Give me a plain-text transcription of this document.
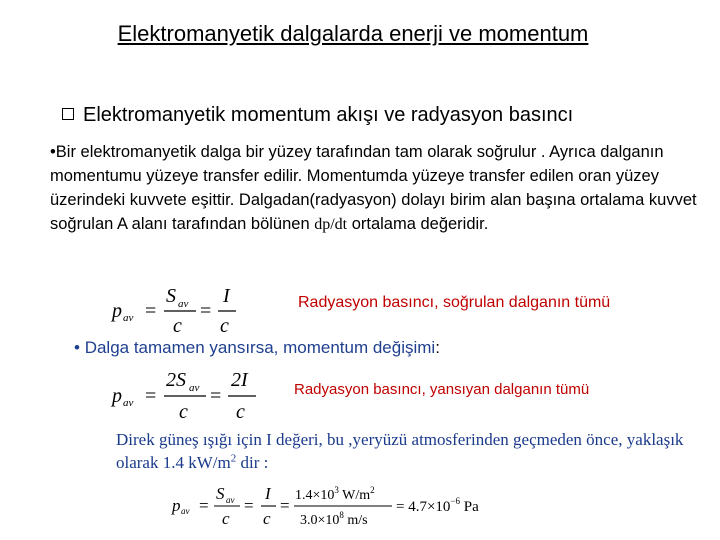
Elektromanyetik dalgalarda enerji ve momentum
Elektromanyetik momentum akışı ve radyasyon basıncı
•Bir elektromanyetik dalga bir yüzey tarafından tam olarak soğrulur . Ayrıca dalganın momentumu yüzeye transfer edilir. Momentumda yüzeye transfer edilen oran yüzey üzerindeki kuvvete eşittir. Dalgadan(radyasyon) dolayı birim alan başına ortalama kuvvet soğrulan A alanı tarafından bölünen dp/dt ortalama değeridir.
p av =
S av
c
=
I
c
Radyasyon basıncı, soğrulan dalganın tümü
• Dalga tamamen yansırsa, momentum değişimi:
p av =
2S av
c
=
2I
c
Radyasyon basıncı, yansıyan dalganın tümü
Direk güneş ışığı için I değeri, bu ,yeryüzü atmosferinden geçmeden önce, yaklaşık olarak 1.4 $kW/m^2$ dir :
p av =
S av
c
=
I
c
=
$1.4\times 10^3$ $W/m^2$
$3.0\times 10^8$ m/s
= $4.7\times 10^{-6}$ Pa
